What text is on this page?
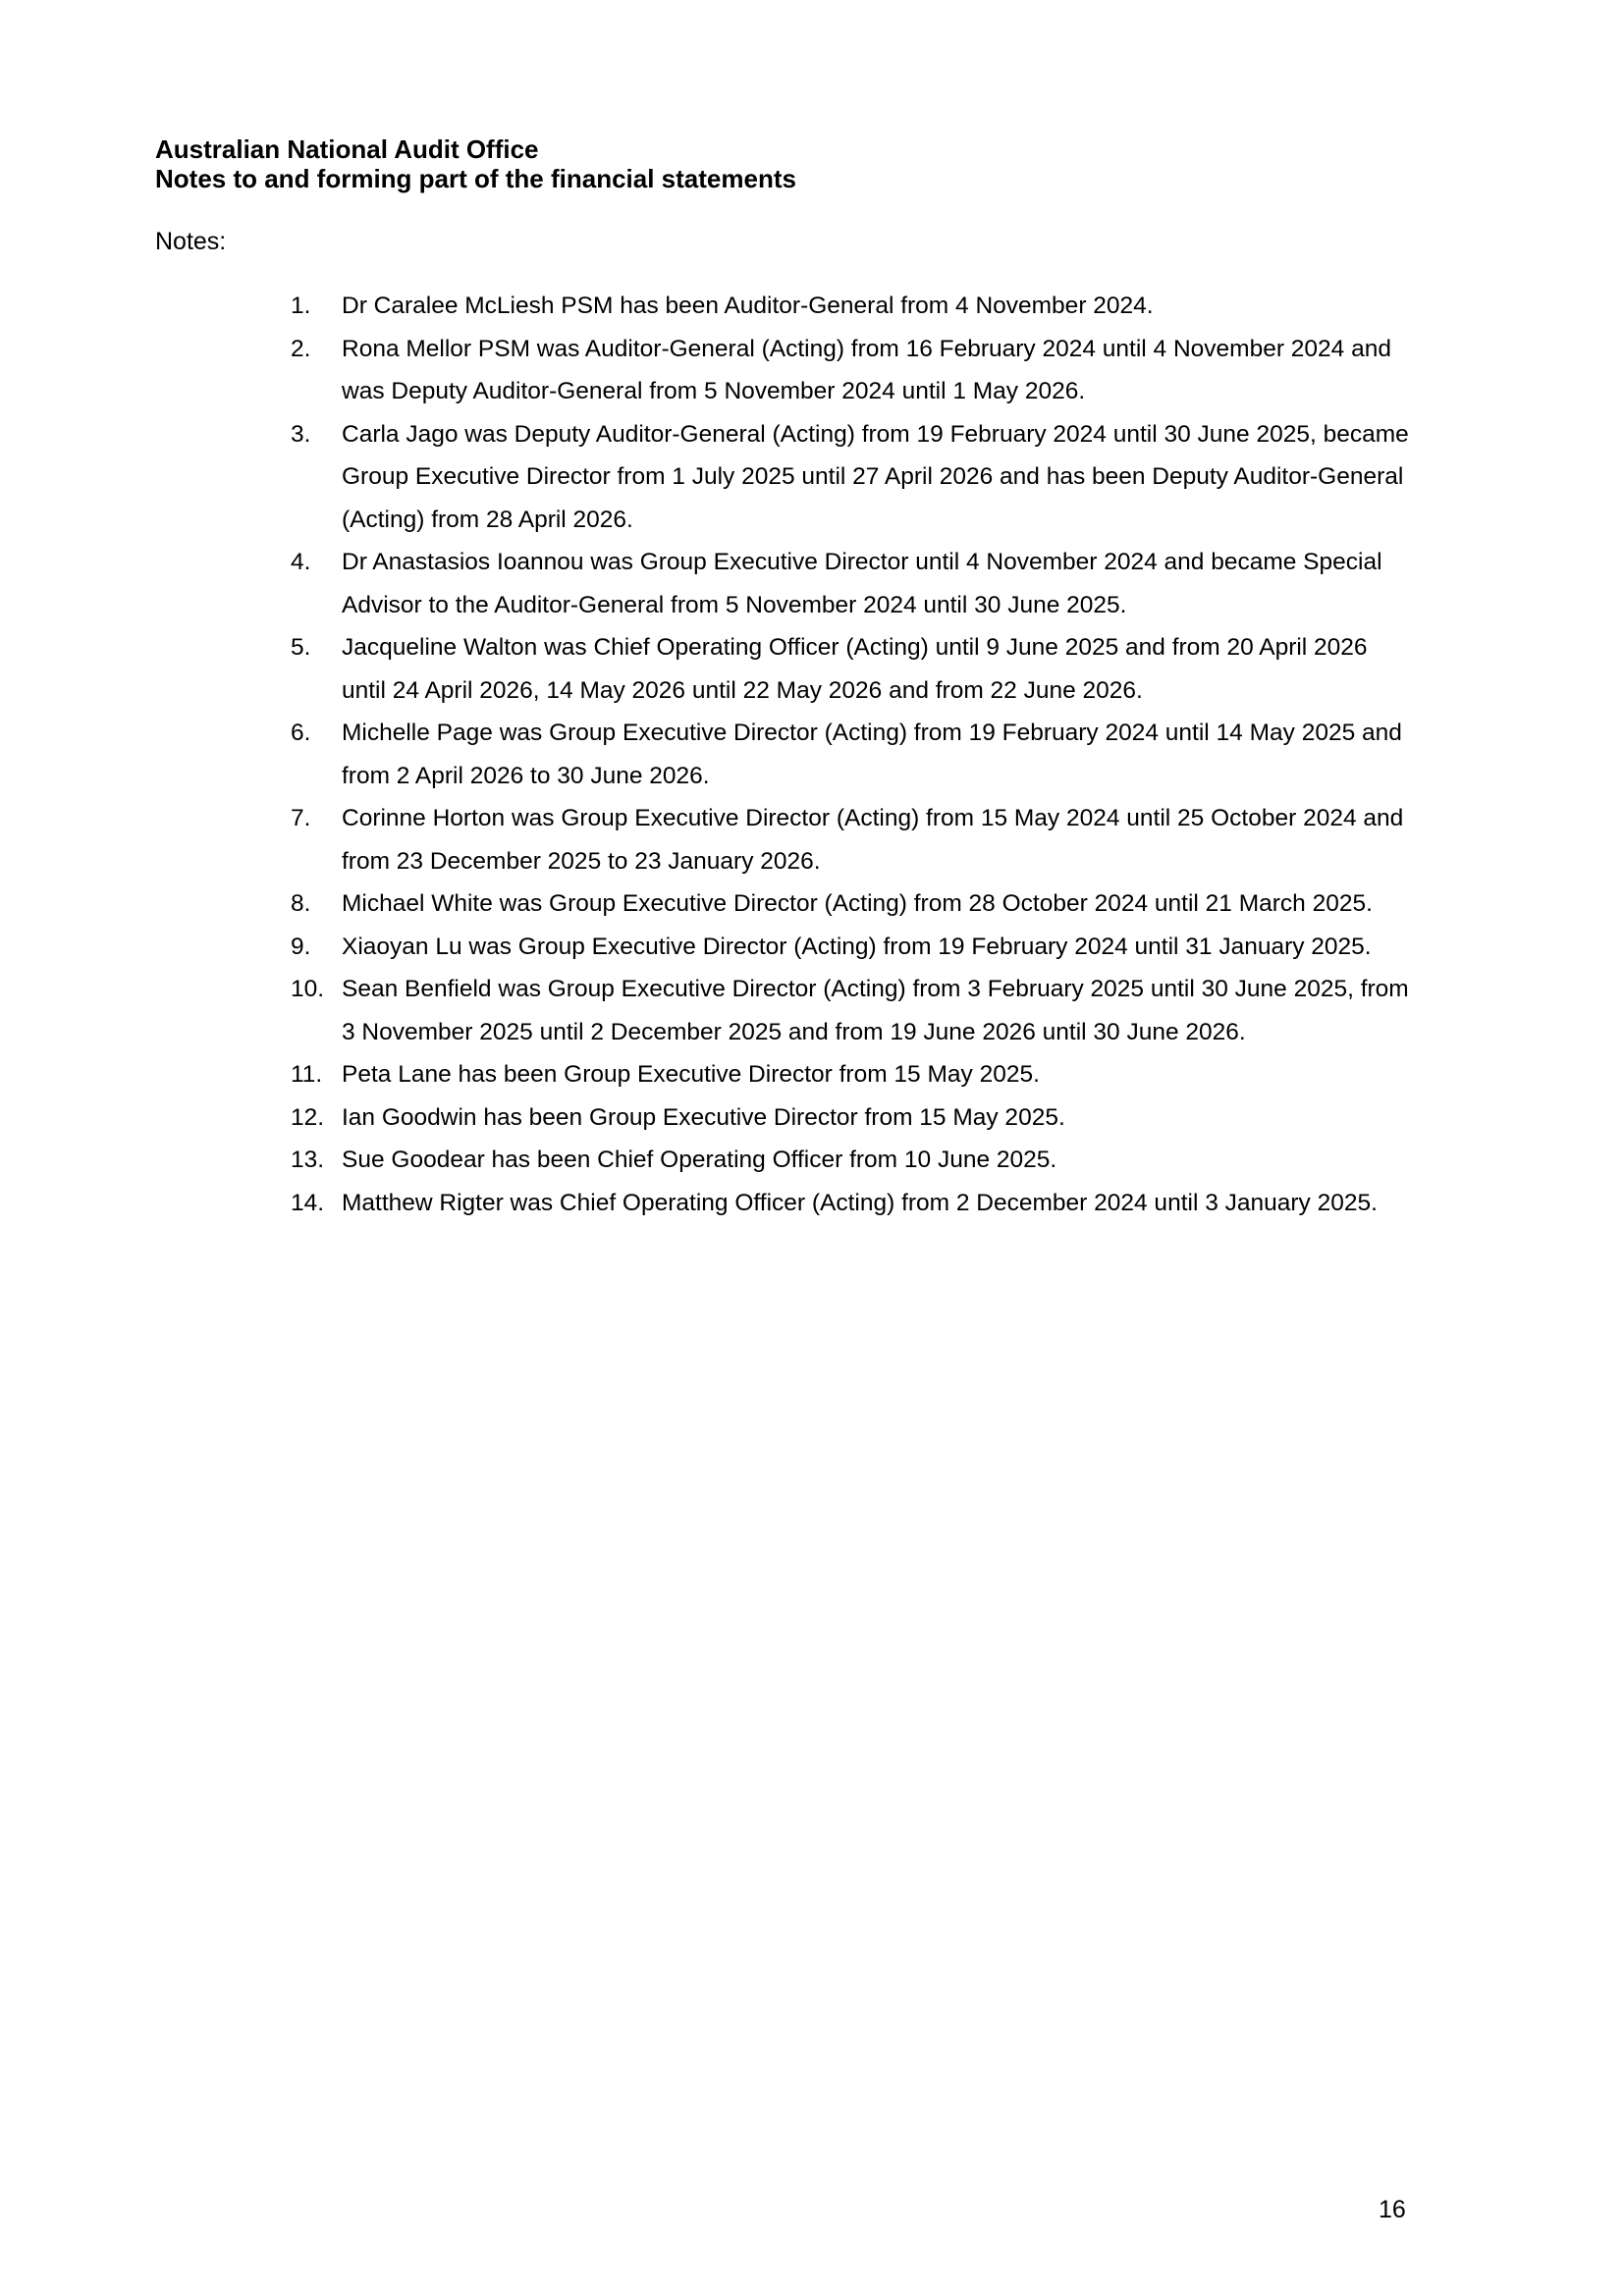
Australian National Audit Office
Notes to and forming part of the financial statements
Notes:
1. Dr Caralee McLiesh PSM has been Auditor-General from 4 November 2024.
2. Rona Mellor PSM was Auditor-General (Acting) from 16 February 2024 until 4 November 2024 and was Deputy Auditor-General from 5 November 2024 until 1 May 2026.
3. Carla Jago was Deputy Auditor-General (Acting) from 19 February 2024 until 30 June 2025, became Group Executive Director from 1 July 2025 until 27 April 2026 and has been Deputy Auditor-General (Acting) from 28 April 2026.
4. Dr Anastasios Ioannou was Group Executive Director until 4 November 2024 and became Special Advisor to the Auditor-General from 5 November 2024 until 30 June 2025.
5. Jacqueline Walton was Chief Operating Officer (Acting) until 9 June 2025 and from 20 April 2026 until 24 April 2026, 14 May 2026 until 22 May 2026 and from 22 June 2026.
6. Michelle Page was Group Executive Director (Acting) from 19 February 2024 until 14 May 2025 and from 2 April 2026 to 30 June 2026.
7. Corinne Horton was Group Executive Director (Acting) from 15 May 2024 until 25 October 2024 and from 23 December 2025 to 23 January 2026.
8. Michael White was Group Executive Director (Acting) from 28 October 2024 until 21 March 2025.
9. Xiaoyan Lu was Group Executive Director (Acting) from 19 February 2024 until 31 January 2025.
10. Sean Benfield was Group Executive Director (Acting) from 3 February 2025 until 30 June 2025, from 3 November 2025 until 2 December 2025 and from 19 June 2026 until 30 June 2026.
11. Peta Lane has been Group Executive Director from 15 May 2025.
12. Ian Goodwin has been Group Executive Director from 15 May 2025.
13. Sue Goodear has been Chief Operating Officer from 10 June 2025.
14. Matthew Rigter was Chief Operating Officer (Acting) from 2 December 2024 until 3 January 2025.
16
